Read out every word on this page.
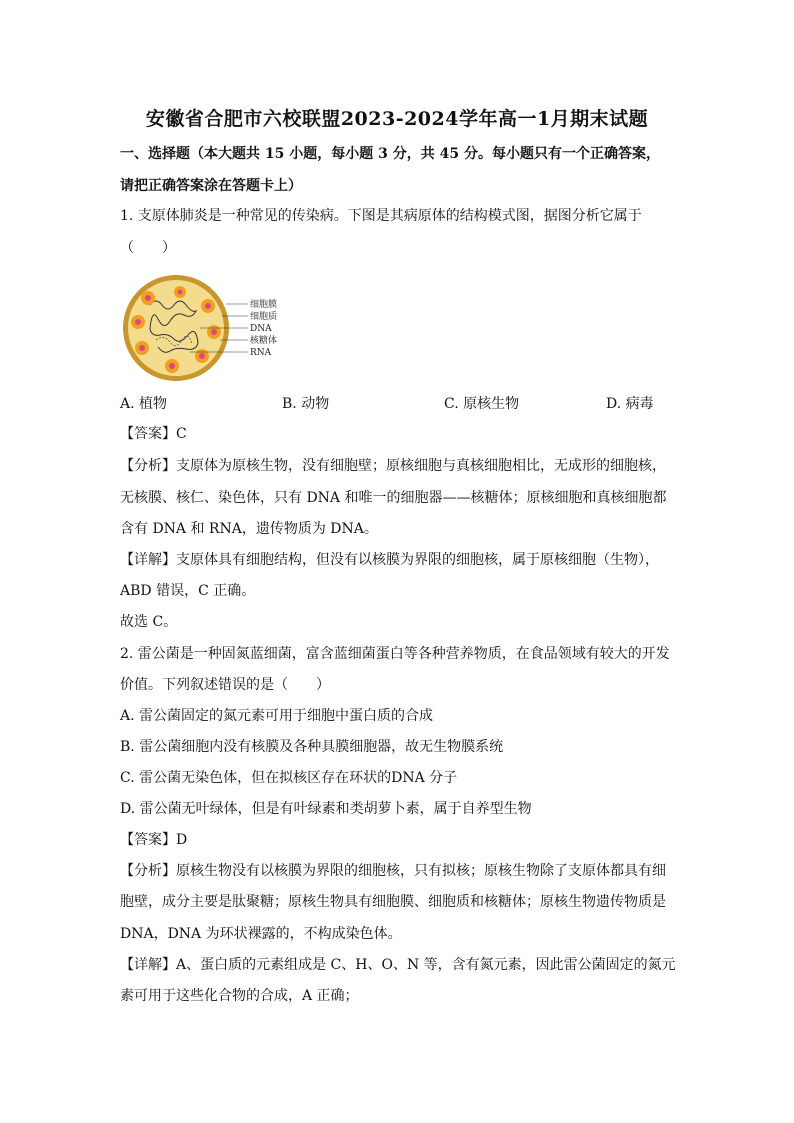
安徽省合肥市六校联盟2023-2024学年高一1月期末试题
一、选择题（本大题共 15 小题，每小题 3 分，共 45 分。每小题只有一个正确答案，
请把正确答案涂在答题卡上）
1. 支原体肺炎是一种常见的传染病。下图是其病原体的结构模式图，据图分析它属于
（　　）
细胞膜
细胞质
DNA
核糖体
RNA
A. 植物	B. 动物	C. 原核生物	D. 病毒
【答案】C
【分析】支原体为原核生物，没有细胞壁；原核细胞与真核细胞相比，无成形的细胞核，
无核膜、核仁、染色体，只有 DNA 和唯一的细胞器——核糖体；原核细胞和真核细胞都
含有 DNA 和 RNA，遗传物质为 DNA。
【详解】支原体具有细胞结构，但没有以核膜为界限的细胞核，属于原核细胞（生物），
ABD 错误，C 正确。
故选 C。
2. 雷公菌是一种固氮蓝细菌，富含蓝细菌蛋白等各种营养物质，在食品领域有较大的开发
价值。下列叙述错误的是（　　）
A. 雷公菌固定的氮元素可用于细胞中蛋白质的合成
B. 雷公菌细胞内没有核膜及各种具膜细胞器，故无生物膜系统
C. 雷公菌无染色体，但在拟核区存在环状的DNA 分子
D. 雷公菌无叶绿体，但是有叶绿素和类胡萝卜素，属于自养型生物
【答案】D
【分析】原核生物没有以核膜为界限的细胞核，只有拟核；原核生物除了支原体都具有细
胞壁，成分主要是肽聚糖；原核生物具有细胞膜、细胞质和核糖体；原核生物遗传物质是
DNA，DNA 为环状裸露的，不构成染色体。
【详解】A、蛋白质的元素组成是 C、H、O、N 等，含有氮元素，因此雷公菌固定的氮元
素可用于这些化合物的合成，A 正确；
